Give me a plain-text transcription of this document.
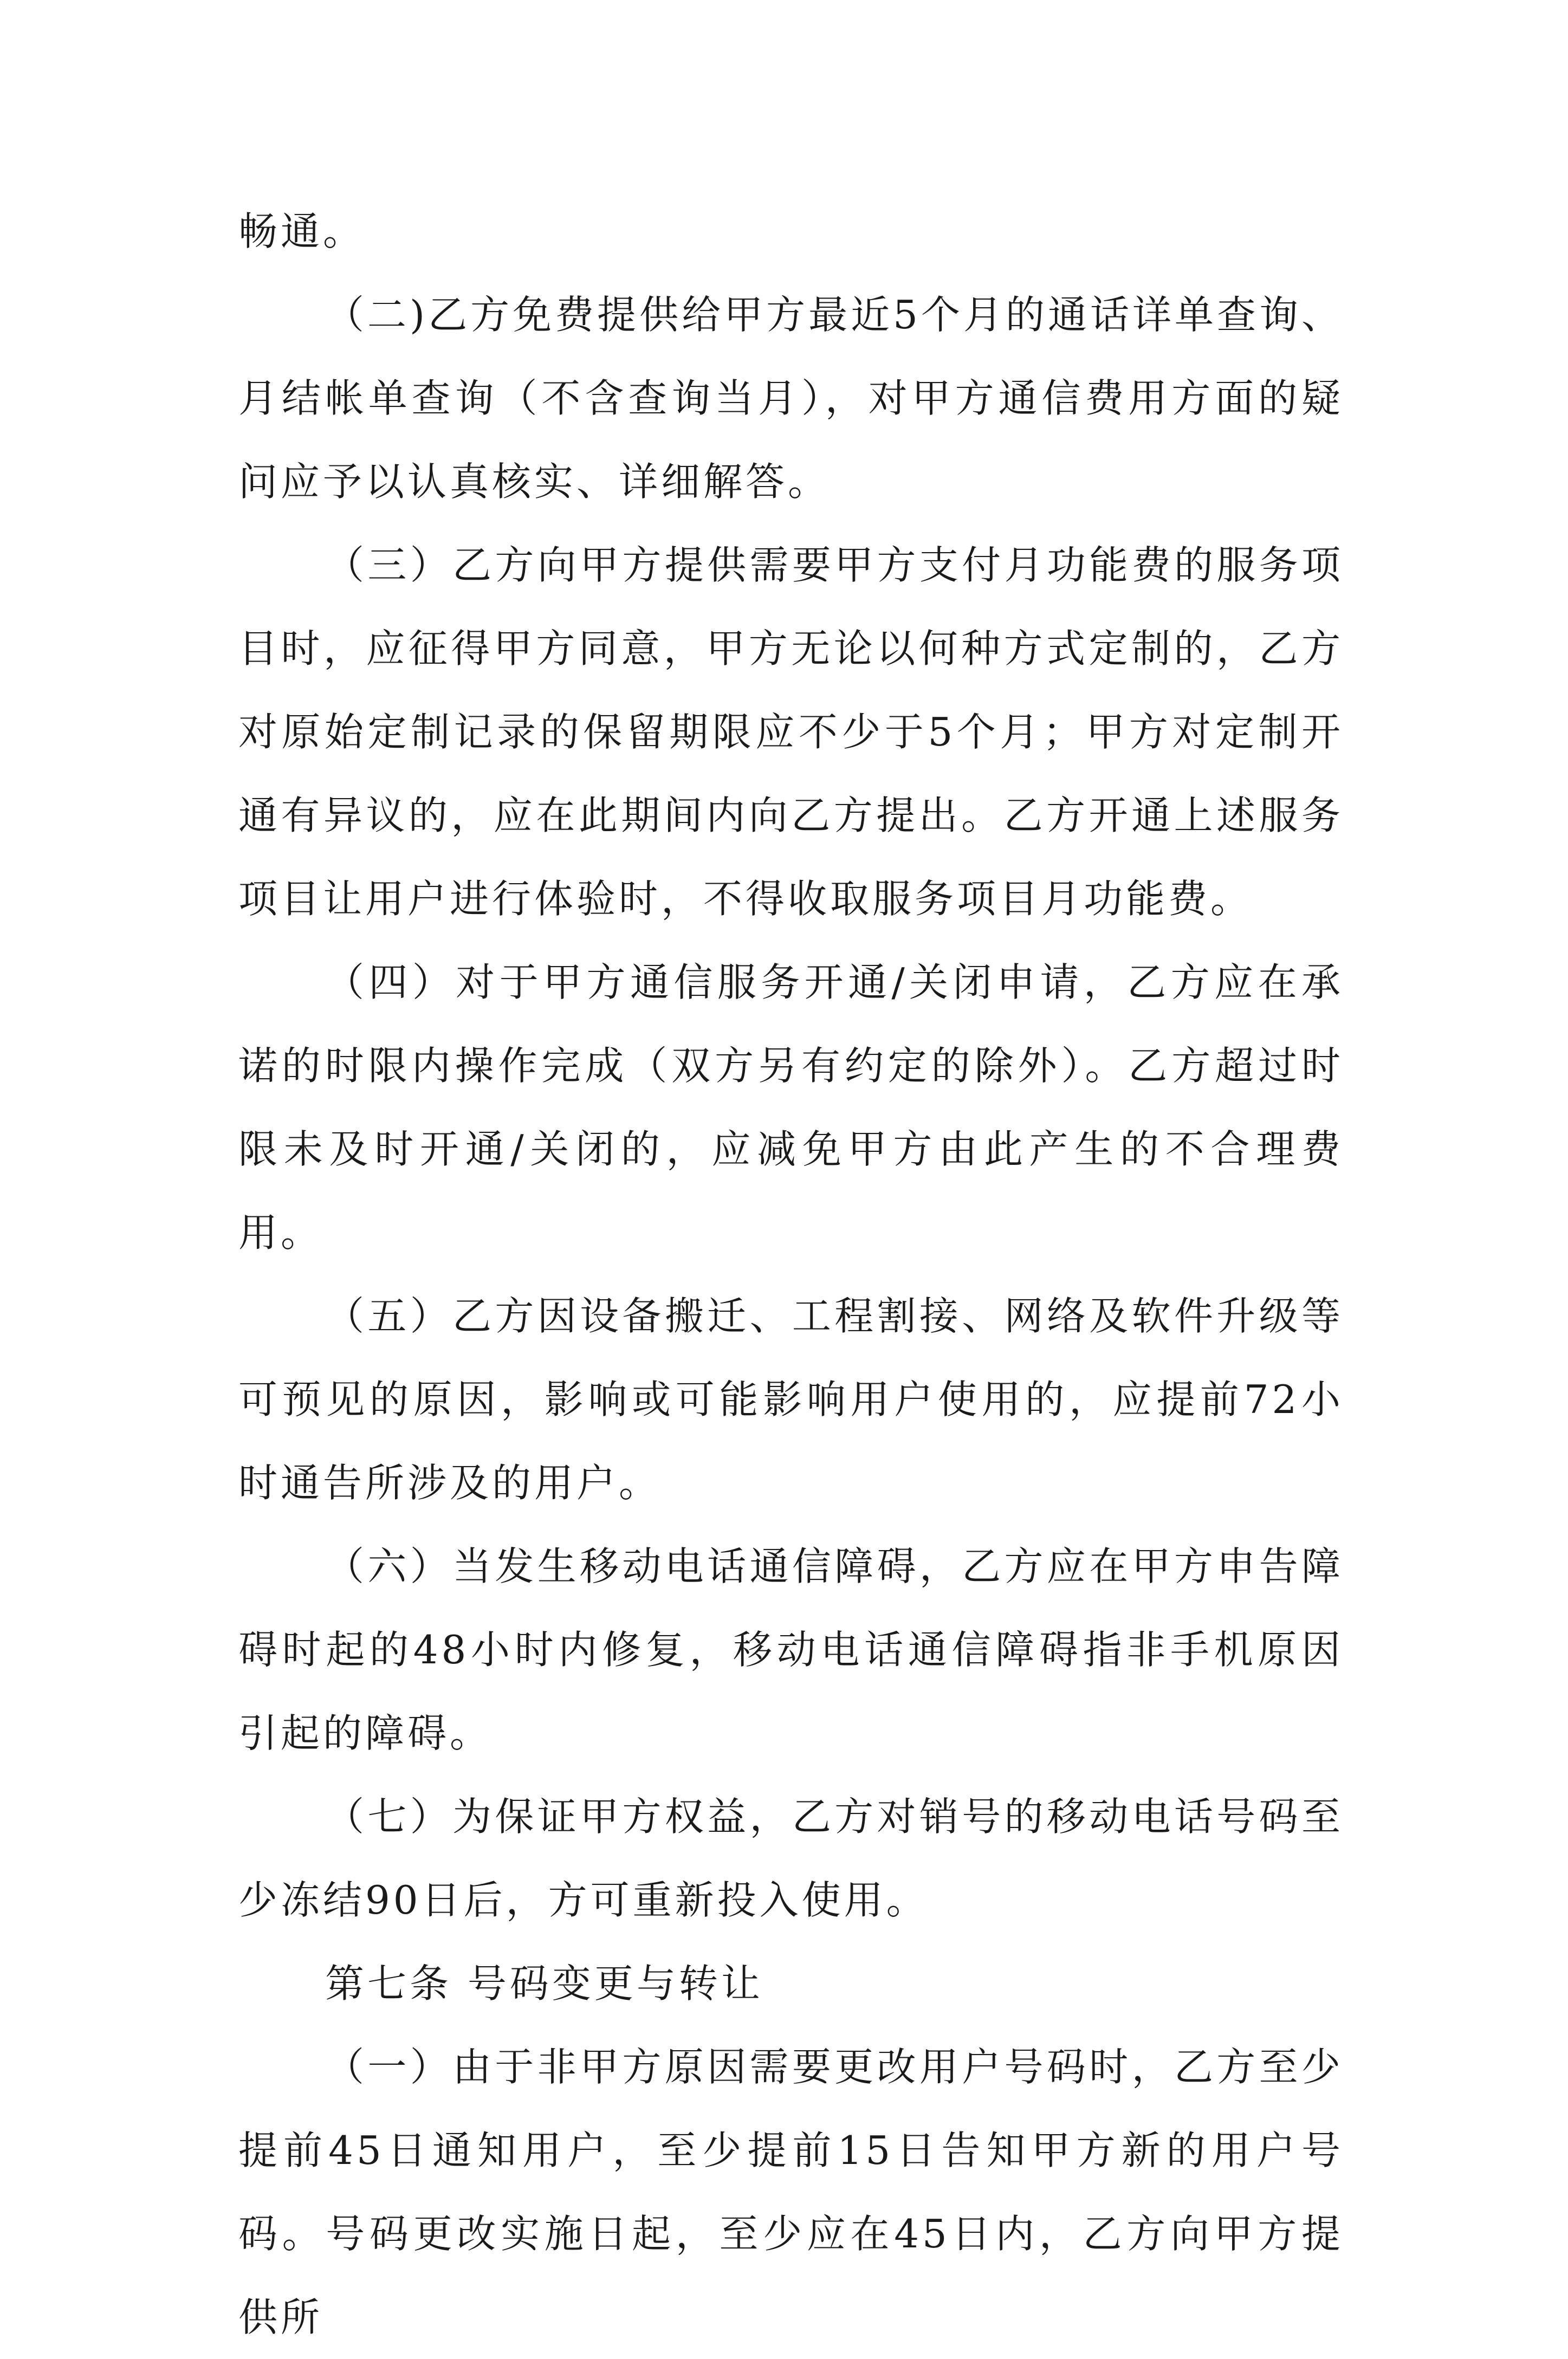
畅通。

（二)乙方免费提供给甲方最近5个月的通话详单查询、月结帐单查询（不含查询当月），对甲方通信费用方面的疑问应予以认真核实、详细解答。

（三）乙方向甲方提供需要甲方支付月功能费的服务项目时，应征得甲方同意，甲方无论以何种方式定制的，乙方对原始定制记录的保留期限应不少于5个月；甲方对定制开通有异议的，应在此期间内向乙方提出。乙方开通上述服务项目让用户进行体验时，不得收取服务项目月功能费。

（四）对于甲方通信服务开通/关闭申请，乙方应在承诺的时限内操作完成（双方另有约定的除外）。乙方超过时限未及时开通/关闭的，应减免甲方由此产生的不合理费用。

（五）乙方因设备搬迁、工程割接、网络及软件升级等可预见的原因，影响或可能影响用户使用的，应提前72小时通告所涉及的用户。

（六）当发生移动电话通信障碍，乙方应在甲方申告障碍时起的48小时内修复，移动电话通信障碍指非手机原因引起的障碍。

（七）为保证甲方权益，乙方对销号的移动电话号码至少冻结90日后，方可重新投入使用。

第七条 号码变更与转让

（一）由于非甲方原因需要更改用户号码时，乙方至少提前45日通知用户，至少提前15日告知甲方新的用户号码。号码更改实施日起，至少应在45日内，乙方向甲方提供所
